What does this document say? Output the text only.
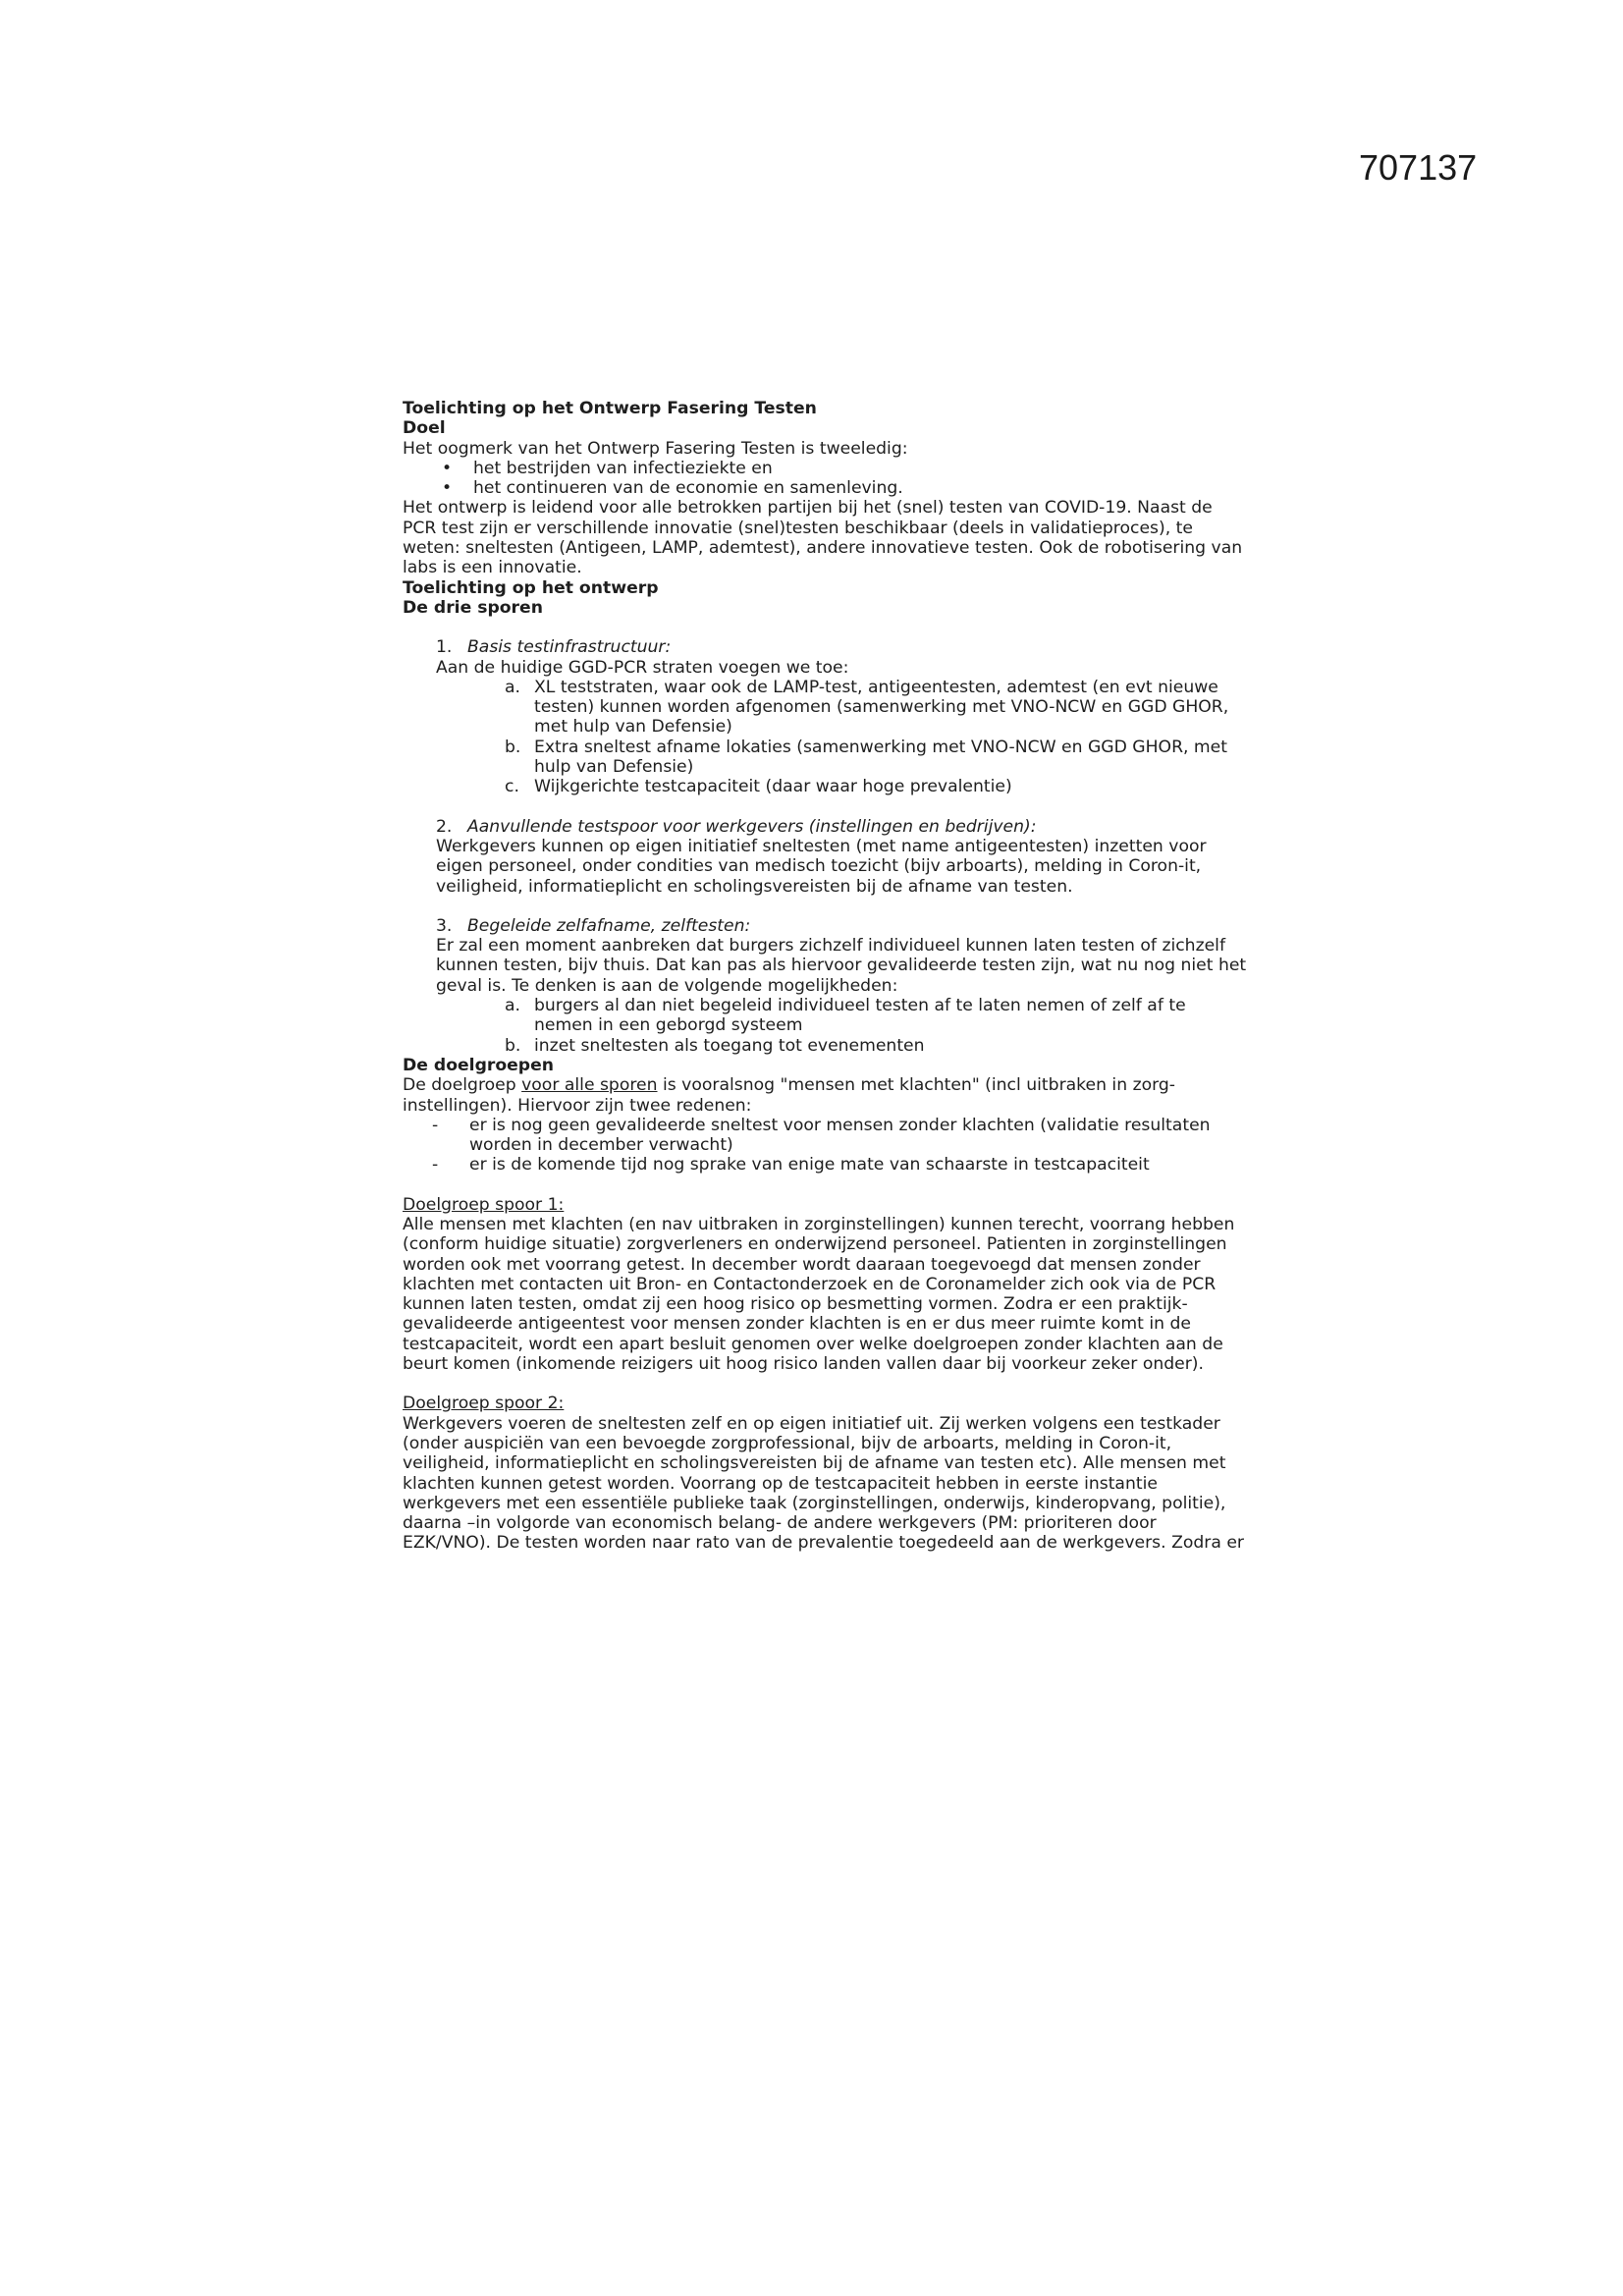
707137

Toelichting op het Ontwerp Fasering Testen

Doel

Het oogmerk van het Ontwerp Fasering Testen is tweeledig:

• het bestrijden van infectieziekte en
• het continueren van de economie en samenleving.

Het ontwerp is leidend voor alle betrokken partijen bij het (snel) testen van COVID-19. Naast de PCR test zijn er verschillende innovatie (snel)testen beschikbaar (deels in validatieproces), te weten: sneltesten (Antigeen, LAMP, ademtest), andere innovatieve testen. Ook de robotisering van labs is een innovatie.

Toelichting op het ontwerp

De drie sporen

1. Basis testinfrastructuur:

Aan de huidige GGD-PCR straten voegen we toe:

a. XL teststraten, waar ook de LAMP-test, antigeentesten, ademtest (en evt nieuwe testen) kunnen worden afgenomen (samenwerking met VNO-NCW en GGD GHOR, met hulp van Defensie)
b. Extra sneltest afname lokaties (samenwerking met VNO-NCW en GGD GHOR, met hulp van Defensie)
c. Wijkgerichte testcapaciteit (daar waar hoge prevalentie)

2. Aanvullende testspoor voor werkgevers (instellingen en bedrijven):

Werkgevers kunnen op eigen initiatief sneltesten (met name antigeentesten) inzetten voor eigen personeel, onder condities van medisch toezicht (bijv arboarts), melding in Coron-it, veiligheid, informatieplicht en scholingsvereisten bij de afname van testen.

3. Begeleide zelfafname, zelftesten:

Er zal een moment aanbreken dat burgers zichzelf individueel kunnen laten testen of zichzelf kunnen testen, bijv thuis. Dat kan pas als hiervoor gevalideerde testen zijn, wat nu nog niet het geval is. Te denken is aan de volgende mogelijkheden:

a. burgers al dan niet begeleid individueel testen af te laten nemen of zelf af te nemen in een geborgd systeem
b. inzet sneltesten als toegang tot evenementen

De doelgroepen

De doelgroep voor alle sporen is vooralsnog "mensen met klachten" (incl uitbraken in zorg-instellingen). Hiervoor zijn twee redenen:

- er is nog geen gevalideerde sneltest voor mensen zonder klachten (validatie resultaten worden in december verwacht)
- er is de komende tijd nog sprake van enige mate van schaarste in testcapaciteit

Doelgroep spoor 1:

Alle mensen met klachten (en nav uitbraken in zorginstellingen) kunnen terecht, voorrang hebben (conform huidige situatie) zorgverleners en onderwijzend personeel. Patienten in zorginstellingen worden ook met voorrang getest. In december wordt daaraan toegevoegd dat mensen zonder klachten met contacten uit Bron- en Contactonderzoek en de Coronamelder zich ook via de PCR kunnen laten testen, omdat zij een hoog risico op besmetting vormen. Zodra er een praktijk-gevalideerde antigeentest voor mensen zonder klachten is en er dus meer ruimte komt in de testcapaciteit, wordt een apart besluit genomen over welke doelgroepen zonder klachten aan de beurt komen (inkomende reizigers uit hoog risico landen vallen daar bij voorkeur zeker onder).

Doelgroep spoor 2:

Werkgevers voeren de sneltesten zelf en op eigen initiatief uit. Zij werken volgens een testkader (onder auspiciën van een bevoegde zorgprofessional, bijv de arboarts, melding in Coron-it, veiligheid, informatieplicht en scholingsvereisten bij de afname van testen etc). Alle mensen met klachten kunnen getest worden. Voorrang op de testcapaciteit hebben in eerste instantie werkgevers met een essentiële publieke taak (zorginstellingen, onderwijs, kinderopvang, politie), daarna –in volgorde van economisch belang- de andere werkgevers (PM: prioriteren door EZK/VNO). De testen worden naar rato van de prevalentie toegedeeld aan de werkgevers. Zodra er
